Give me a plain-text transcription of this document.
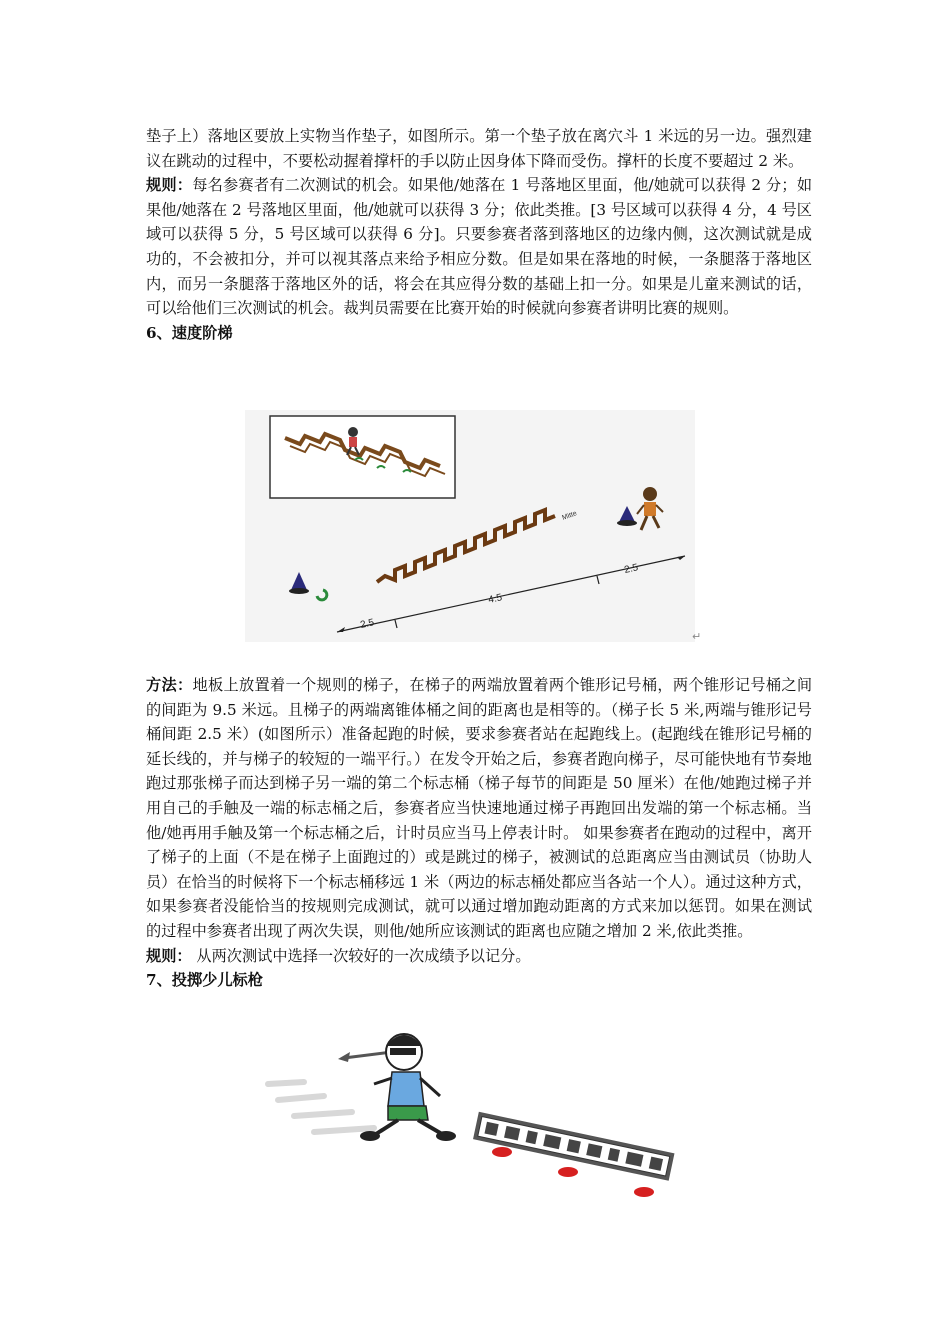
垫子上）落地区要放上实物当作垫子，如图所示。第一个垫子放在离穴斗 1 米远的另一边。强烈建议在跳动的过程中，不要松动握着撑杆的手以防止因身体下降而受伤。撑杆的长度不要超过 2 米。

规则：每名参赛者有二次测试的机会。如果他/她落在 1 号落地区里面，他/她就可以获得 2 分；如果他/她落在 2 号落地区里面，他/她就可以获得 3 分；依此类推。[3 号区域可以获得 4 分，4 号区域可以获得 5 分，5 号区域可以获得 6 分]。只要参赛者落到落地区的边缘内侧，这次测试就是成功的，不会被扣分，并可以视其落点来给予相应分数。但是如果在落地的时候，一条腿落于落地区内，而另一条腿落于落地区外的话，将会在其应得分数的基础上扣一分。如果是儿童来测试的话，可以给他们三次测试的机会。裁判员需要在比赛开始的时候就向参赛者讲明比赛的规则。

6、速度阶梯

Mitte
2.5
4.5
2.5
↵

方法：地板上放置着一个规则的梯子，在梯子的两端放置着两个锥形记号桶，两个锥形记号桶之间的间距为 9.5 米远。且梯子的两端离锥体桶之间的距离也是相等的。（梯子长 5 米,两端与锥形记号桶间距 2.5 米）(如图所示）准备起跑的时候，要求参赛者站在起跑线上。(起跑线在锥形记号桶的延长线的，并与梯子的较短的一端平行。）在发令开始之后，参赛者跑向梯子，尽可能快地有节奏地跑过那张梯子而达到梯子另一端的第二个标志桶（梯子每节的间距是 50 厘米）在他/她跑过梯子并用自己的手触及一端的标志桶之后，参赛者应当快速地通过梯子再跑回出发端的第一个标志桶。当他/她再用手触及第一个标志桶之后，计时员应当马上停表计时。 如果参赛者在跑动的过程中，离开了梯子的上面（不是在梯子上面跑过的）或是跳过的梯子，被测试的总距离应当由测试员（协助人员）在恰当的时候将下一个标志桶移远 1 米（两边的标志桶处都应当各站一个人）。通过这种方式，如果参赛者没能恰当的按规则完成测试，就可以通过增加跑动距离的方式来加以惩罚。如果在测试的过程中参赛者出现了两次失误，则他/她所应该测试的距离也应随之增加 2 米,依此类推。

规则： 从两次测试中选择一次较好的一次成绩予以记分。

7、投掷少儿标枪
